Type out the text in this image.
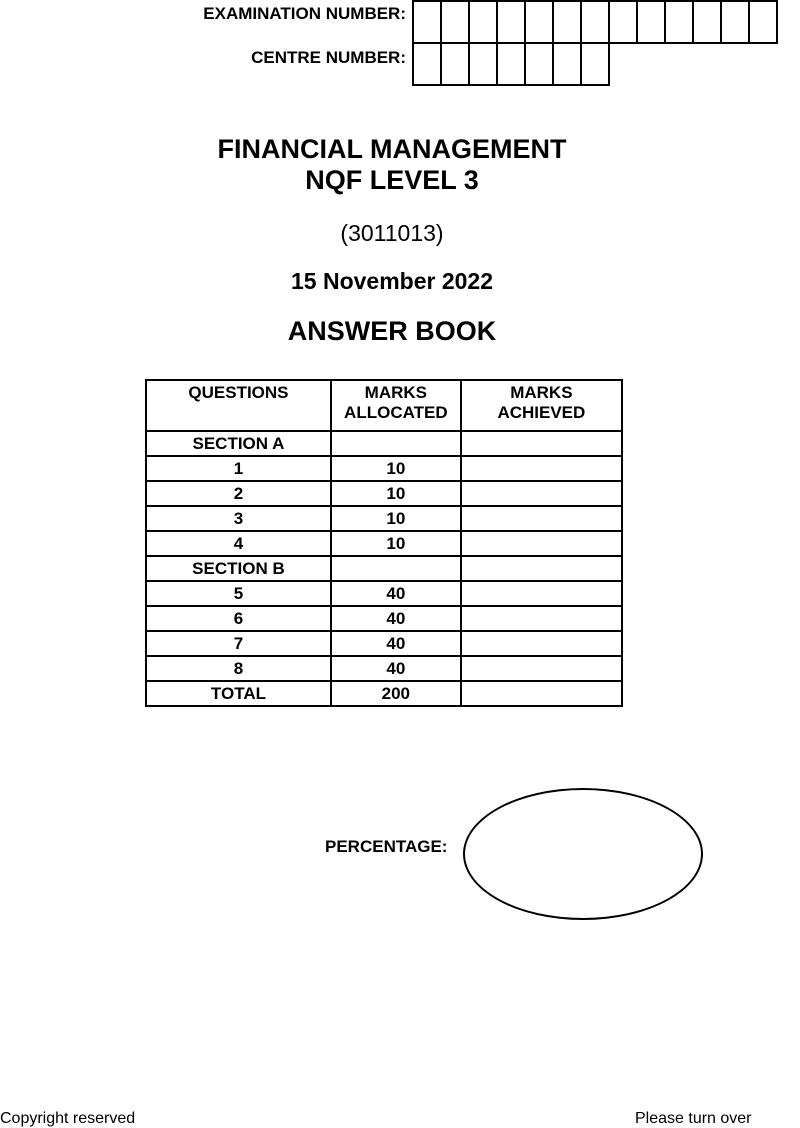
EXAMINATION NUMBER:
CENTRE NUMBER:
FINANCIAL MANAGEMENT
NQF LEVEL 3
(3011013)
15 November 2022
ANSWER BOOK
QUESTIONS	MARKS ALLOCATED	MARKS ACHIEVED
SECTION A		
1	10	
2	10	
3	10	
4	10	
SECTION B		
5	40	
6	40	
7	40	
8	40	
TOTAL	200	
PERCENTAGE:
Copyright reserved	Please turn over
